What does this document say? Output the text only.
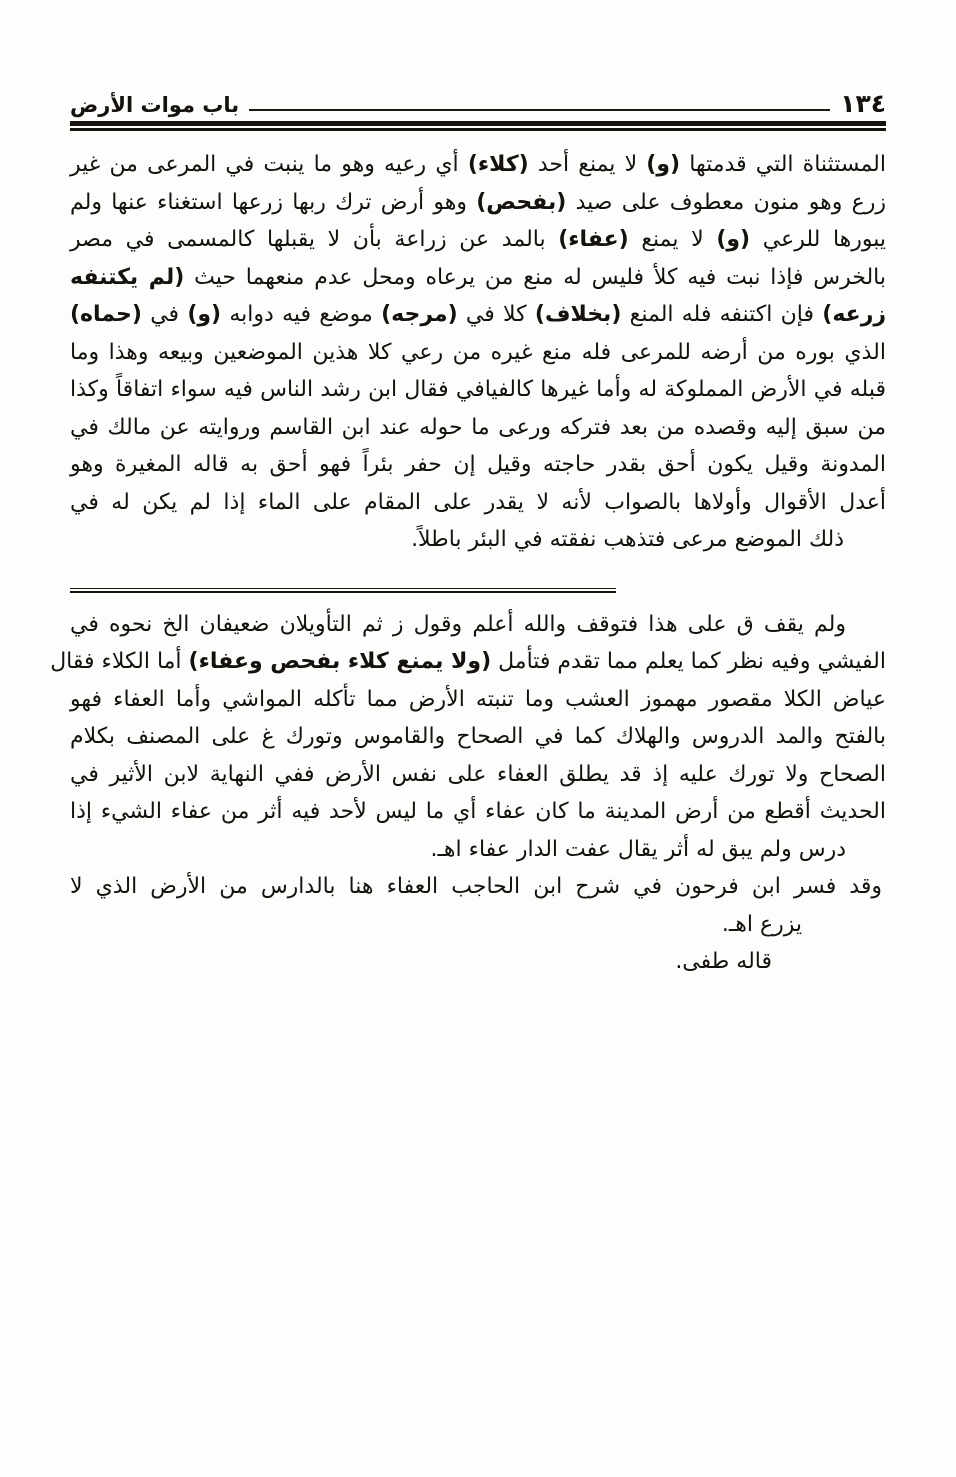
١٣٤
باب موات الأرض
المستثناة التي قدمتها (و) لا يمنع أحد (كلاء) أي رعيه وهو ما ينبت في المرعى من غير
زرع وهو منون معطوف على صيد (بفحص) وهو أرض ترك ربها زرعها استغناء عنها ولم
يبورها للرعي (و) لا يمنع (عفاء) بالمد عن زراعة بأن لا يقبلها كالمسمى في مصر
بالخرس فإذا نبت فيه كلأ فليس له منع من يرعاه ومحل عدم منعهما حيث (لم يكتنفه
زرعه) فإن اكتنفه فله المنع (بخلاف) كلا في (مرجه) موضع فيه دوابه (و) في (حماه)
الذي بوره من أرضه للمرعى فله منع غيره من رعي كلا هذين الموضعين وبيعه وهذا وما
قبله في الأرض المملوكة له وأما غيرها كالفيافي فقال ابن رشد الناس فيه سواء اتفاقاً وكذا
من سبق إليه وقصده من بعد فتركه ورعى ما حوله عند ابن القاسم وروايته عن مالك في
المدونة وقيل يكون أحق بقدر حاجته وقيل إن حفر بئراً فهو أحق به قاله المغيرة وهو
أعدل الأقوال وأولاها بالصواب لأنه لا يقدر على المقام على الماء إذا لم يكن له في
ذلك الموضع مرعى فتذهب نفقته في البئر باطلاً.
ولم يقف ق على هذا فتوقف والله أعلم وقول ز ثم التأويلان ضعيفان الخ نحوه في
الفيشي وفيه نظر كما يعلم مما تقدم فتأمل (ولا يمنع كلاء بفحص وعفاء) أما الكلاء فقال
عياض الكلا مقصور مهموز العشب وما تنبته الأرض مما تأكله المواشي وأما العفاء فهو
بالفتح والمد الدروس والهلاك كما في الصحاح والقاموس وتورك غ على المصنف بكلام
الصحاح ولا تورك عليه إذ قد يطلق العفاء على نفس الأرض ففي النهاية لابن الأثير في
الحديث أقطع من أرض المدينة ما كان عفاء أي ما ليس لأحد فيه أثر من عفاء الشيء إذا
درس ولم يبق له أثر يقال عفت الدار عفاء اهـ.
وقد فسر ابن فرحون في شرح ابن الحاجب العفاء هنا بالدارس من الأرض الذي لا
يزرع اهـ.
قاله طفى.
